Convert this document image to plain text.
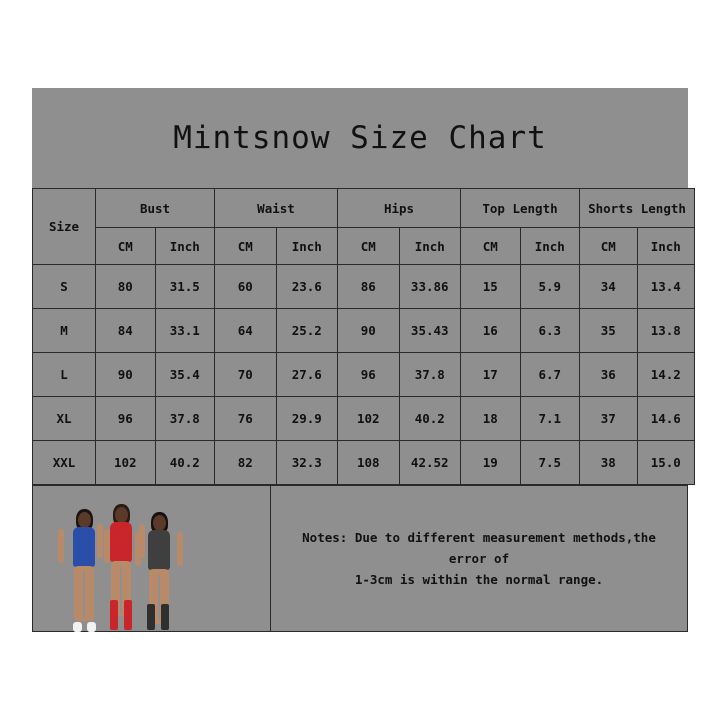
Mintsnow Size Chart
Size	Bust		Waist		Hips		Top Length		Shorts Length	
	CM	Inch	CM	Inch	CM	Inch	CM	Inch	CM	Inch
S	80	31.5	60	23.6	86	33.86	15	5.9	34	13.4
M	84	33.1	64	25.2	90	35.43	16	6.3	35	13.8
L	90	35.4	70	27.6	96	37.8	17	6.7	36	14.2
XL	96	37.8	76	29.9	102	40.2	18	7.1	37	14.6
XXL	102	40.2	82	32.3	108	42.52	19	7.5	38	15.0

Notes: Due to different measurement methods,the error of
1-3cm is within the normal range.
